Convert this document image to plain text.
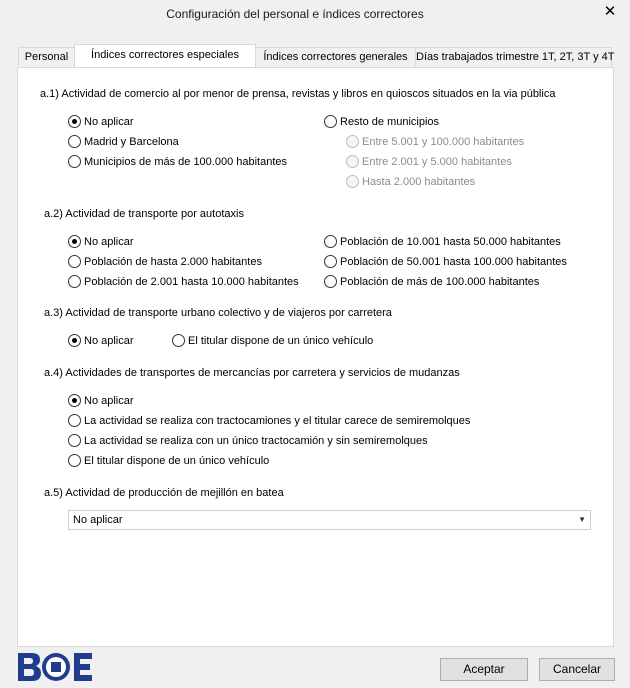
Configuración del personal e índices correctores	✕
Personal	Índices correctores especiales	Índices correctores generales Días trabajados trimestre 1T, 2T, 3T y 4T
a.1) Actividad de comercio al por menor de prensa, revistas y libros en quioscos situados en la via pública
No aplicar
Madrid y Barcelona
Municipios de más de 100.000 habitantes
Resto de municipios
Entre 5.001 y 100.000 habitantes
Entre 2.001 y 5.000 habitantes
Hasta 2.000 habitantes
a.2) Actividad de transporte por autotaxis
No aplicar
Población de hasta 2.000 habitantes
Población de 2.001 hasta 10.000 habitantes
Población de 10.001 hasta 50.000 habitantes
Población de 50.001 hasta 100.000 habitantes
Población de más de 100.000 habitantes
a.3) Actividad de transporte urbano colectivo y de viajeros por carretera
No aplicar	El titular dispone de un único vehículo
a.4) Actividades de transportes de mercancías por carretera y servicios de mudanzas
No aplicar
La actividad se realiza con tractocamiones y el titular carece de semiremolques
La actividad se realiza con un único tractocamión y sin semiremolques
El titular dispone de un único vehículo
a.5) Actividad de producción de mejillón en batea
No aplicar	▼
Aceptar	Cancelar
